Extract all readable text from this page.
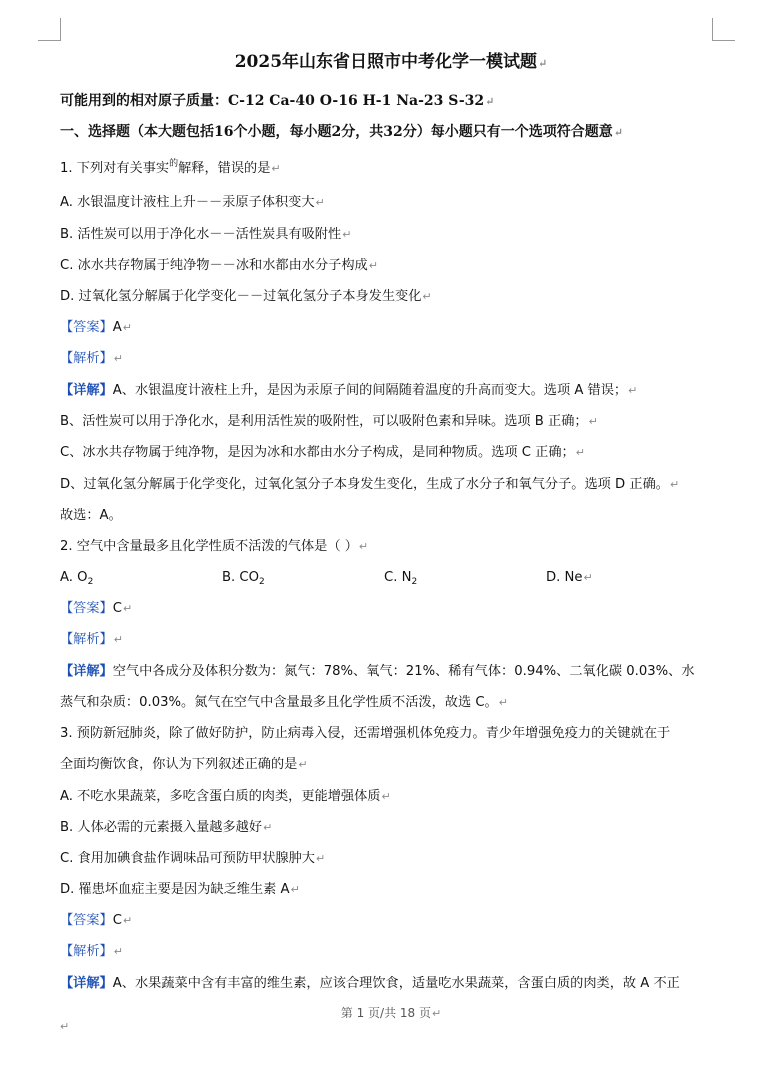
2025年山东省日照市中考化学一模试题↵
可能用到的相对原子质量：C-12 Ca-40 O-16 H-1 Na-23 S-32↵
一、选择题（本大题包括16个小题，每小题2分，共32分）每小题只有一个选项符合题意↵
1. 下列对有关事实$^的$解释，错误的是↵
A. 水银温度计液柱上升－－汞原子体积变大↵
B. 活性炭可以用于净化水－－活性炭具有吸附性↵
C. 冰水共存物属于纯净物－－冰和水都由水分子构成↵
D. 过氧化氢分解属于化学变化－－过氧化氢分子本身发生变化↵
【答案】A↵
【解析】↵
【详解】A、水银温度计液柱上升，是因为汞原子间的间隔随着温度的升高而变大。选项 A 错误；↵
B、活性炭可以用于净化水，是利用活性炭的吸附性，可以吸附色素和异味。选项 B 正确；↵
C、冰水共存物属于纯净物，是因为冰和水都由水分子构成，是同种物质。选项 C 正确；↵
D、过氧化氢分解属于化学变化，过氧化氢分子本身发生变化，生成了水分子和氧气分子。选项 D 正确。↵
故选：A。
2. 空气中含量最多且化学性质不活泼的气体是（ ）↵
A. $O_2$	B. $CO_2$	C. $N_2$	D. Ne↵
【答案】C↵
【解析】↵
【详解】空气中各成分及体积分数为：氮气：78%、氧气：21%、稀有气体：0.94%、二氧化碳 0.03%、水
蒸气和杂质：0.03%。氮气在空气中含量最多且化学性质不活泼，故选 C。↵
3. 预防新冠肺炎，除了做好防护，防止病毒入侵，还需增强机体免疫力。青少年增强免疫力的关键就在于
全面均衡饮食，你认为下列叙述正确的是↵
A. 不吃水果蔬菜，多吃含蛋白质的肉类，更能增强体质↵
B. 人体必需的元素摄入量越多越好↵
C. 食用加碘食盐作调味品可预防甲状腺肿大↵
D. 罹患坏血症主要是因为缺乏维生素 A↵
【答案】C↵
【解析】↵
【详解】A、水果蔬菜中含有丰富的维生素，应该合理饮食，适量吃水果蔬菜，含蛋白质的肉类，故 A 不正
第 1 页/共 18 页↵
↵
